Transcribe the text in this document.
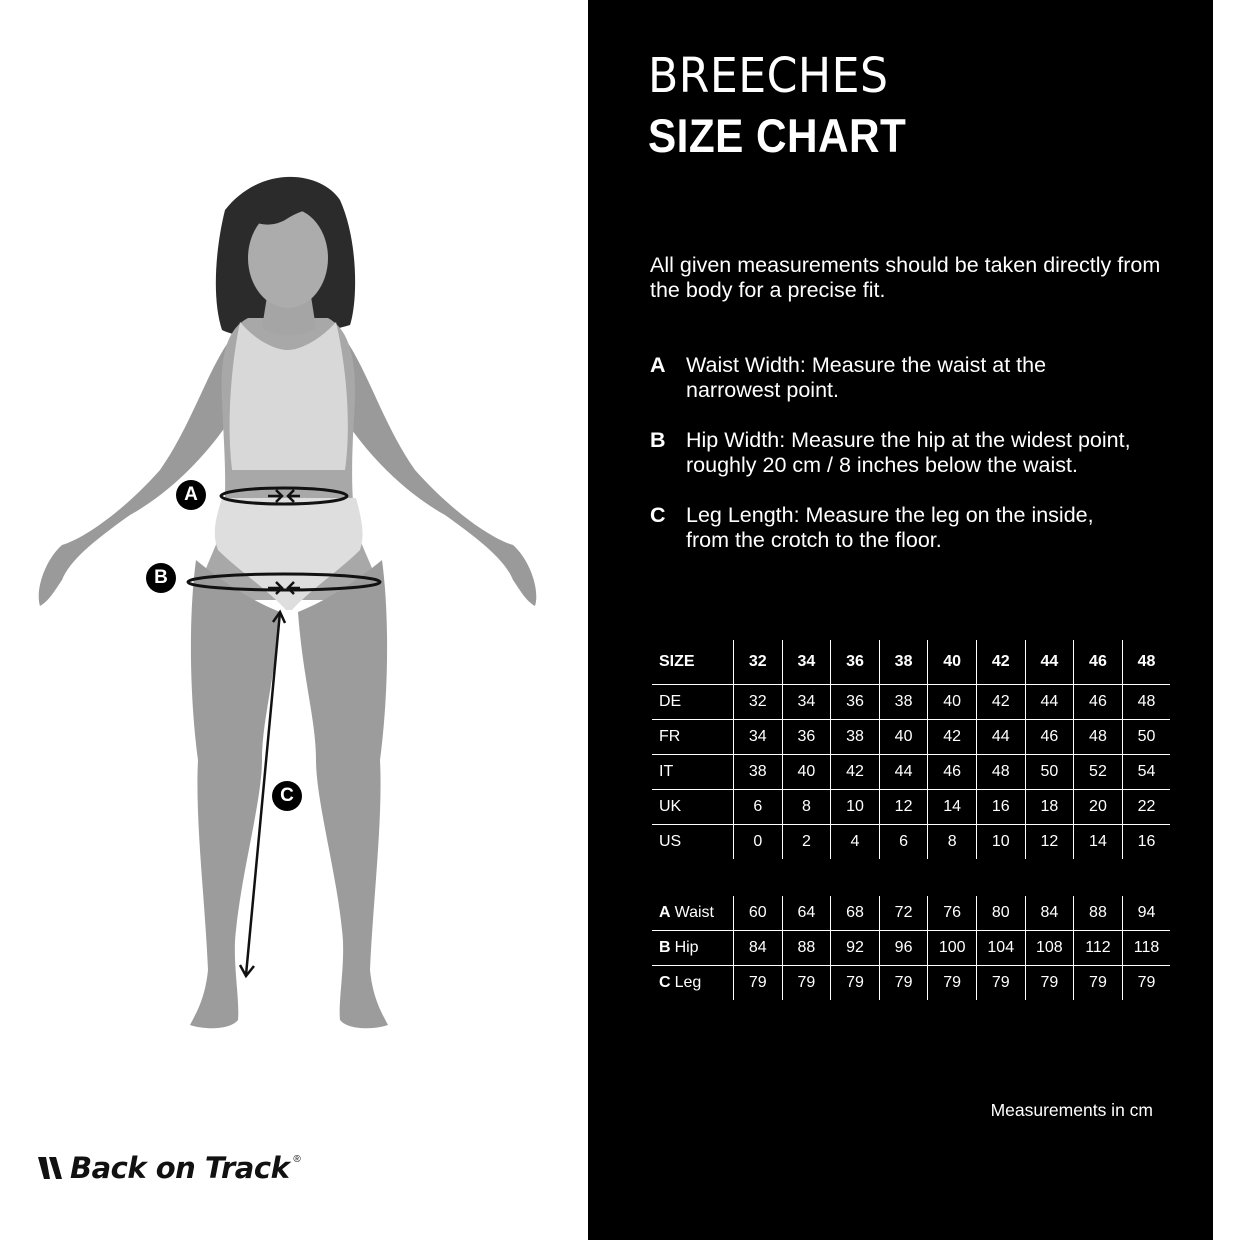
A
B
C
Back on Track ®
BREECHES
SIZE CHART
All given measurements should be taken directly from the body for a precise fit.
A Waist Width: Measure the waist at the narrowest point.
B Hip Width: Measure the hip at the widest point, roughly 20 cm / 8 inches below the waist.
C Leg Length: Measure the leg on the inside, from the crotch to the floor.
SIZE	32	34	36	38	40	42	44	46	48
DE	32	34	36	38	40	42	44	46	48
FR	34	36	38	40	42	44	46	48	50
IT	38	40	42	44	46	48	50	52	54
UK	6	8	10	12	14	16	18	20	22
US	0	2	4	6	8	10	12	14	16
A Waist	60	64	68	72	76	80	84	88	94
B Hip	84	88	92	96	100	104	108	112	118
C Leg	79	79	79	79	79	79	79	79	79
Measurements in cm
